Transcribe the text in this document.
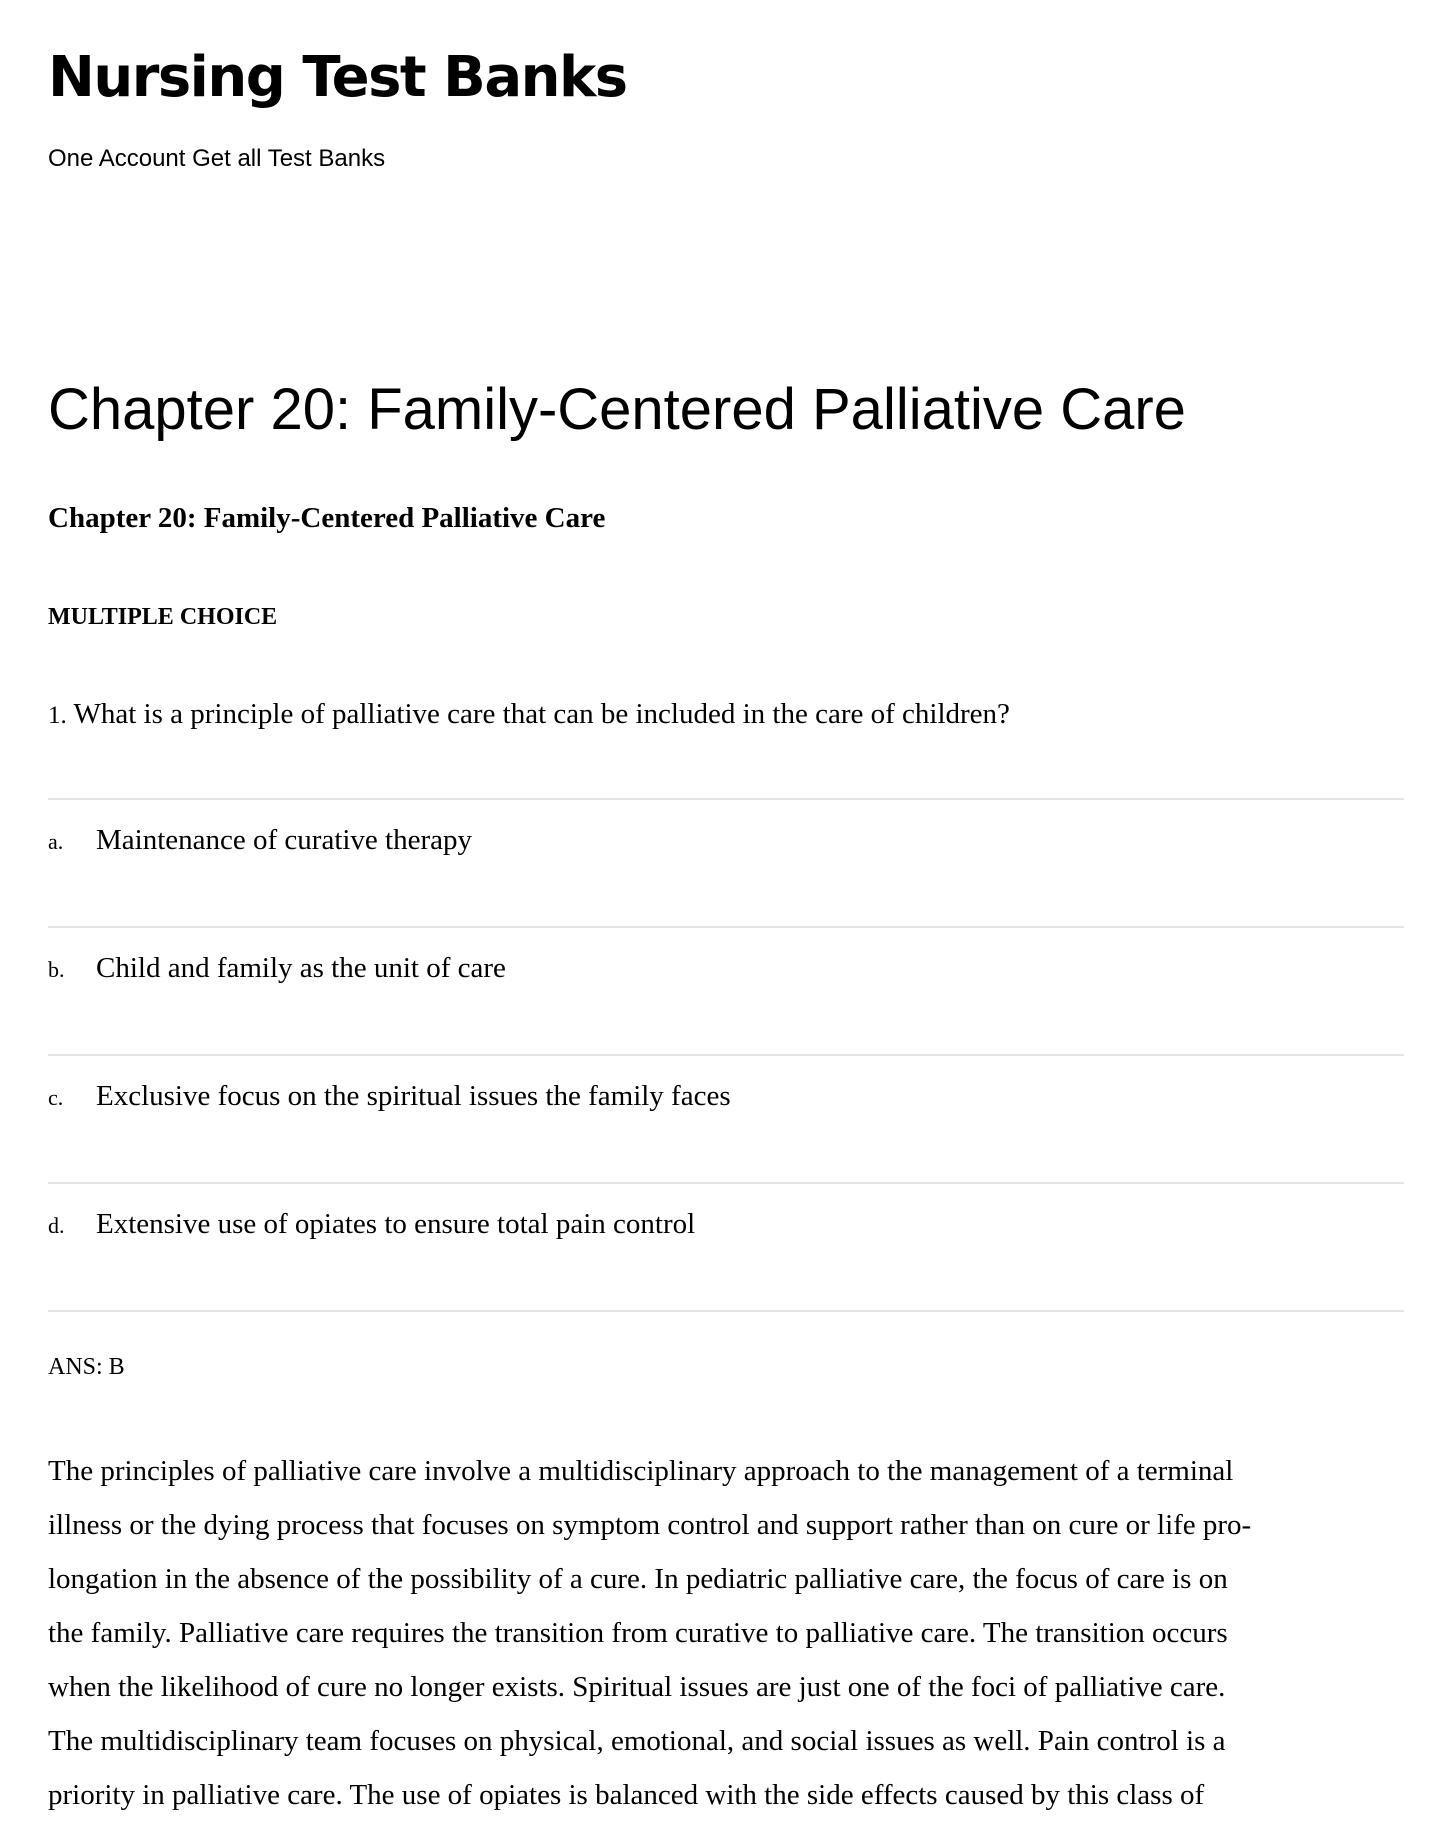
Nursing Test Banks

One Account Get all Test Banks

Chapter 20: Family-Centered Palliative Care

Chapter 20: Family-Centered Palliative Care

MULTIPLE CHOICE

1. What is a principle of palliative care that can be included in the care of children?

a. Maintenance of curative therapy
b. Child and family as the unit of care
c. Exclusive focus on the spiritual issues the family faces
d. Extensive use of opiates to ensure total pain control

ANS: B

The principles of palliative care involve a multidisciplinary approach to the management of a terminal
illness or the dying process that focuses on symptom control and support rather than on cure or life pro-
longation in the absence of the possibility of a cure. In pediatric palliative care, the focus of care is on
the family. Palliative care requires the transition from curative to palliative care. The transition occurs
when the likelihood of cure no longer exists. Spiritual issues are just one of the foci of palliative care.
The multidisciplinary team focuses on physical, emotional, and social issues as well. Pain control is a
priority in palliative care. The use of opiates is balanced with the side effects caused by this class of
